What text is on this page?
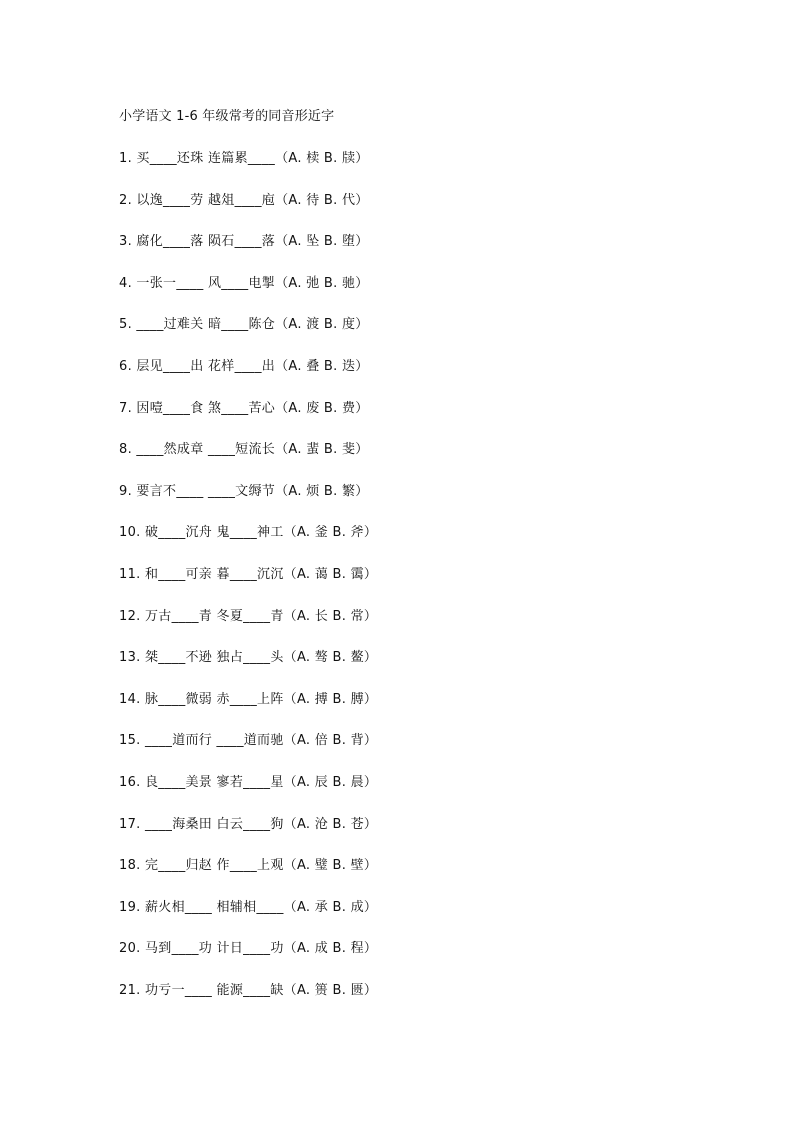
小学语文 1-6 年级常考的同音形近字
1. 买____还珠 连篇累____（A. 椟 B. 牍）
2. 以逸____劳 越俎____庖（A. 待 B. 代）
3. 腐化____落 陨石____落（A. 坠 B. 堕）
4. 一张一____ 风____电掣（A. 弛 B. 驰）
5. ____过难关 暗____陈仓（A. 渡 B. 度）
6. 层见____出 花样____出（A. 叠 B. 迭）
7. 因噎____食 煞____苦心（A. 废 B. 费）
8. ____然成章 ____短流长（A. 蜚 B. 斐）
9. 要言不____ ____文缛节（A. 烦 B. 繁）
10. 破____沉舟 鬼____神工（A. 釜 B. 斧）
11. 和____可亲 暮____沉沉（A. 蔼 B. 霭）
12. 万古____青 冬夏____青（A. 长 B. 常）
13. 桀____不逊 独占____头（A. 骜 B. 鳌）
14. 脉____微弱 赤____上阵（A. 搏 B. 膊）
15. ____道而行 ____道而驰（A. 倍 B. 背）
16. 良____美景 寥若____星（A. 辰 B. 晨）
17. ____海桑田 白云____狗（A. 沧 B. 苍）
18. 完____归赵 作____上观（A. 璧 B. 壁）
19. 薪火相____ 相辅相____（A. 承 B. 成）
20. 马到____功 计日____功（A. 成 B. 程）
21. 功亏一____ 能源____缺（A. 篑 B. 匮）
